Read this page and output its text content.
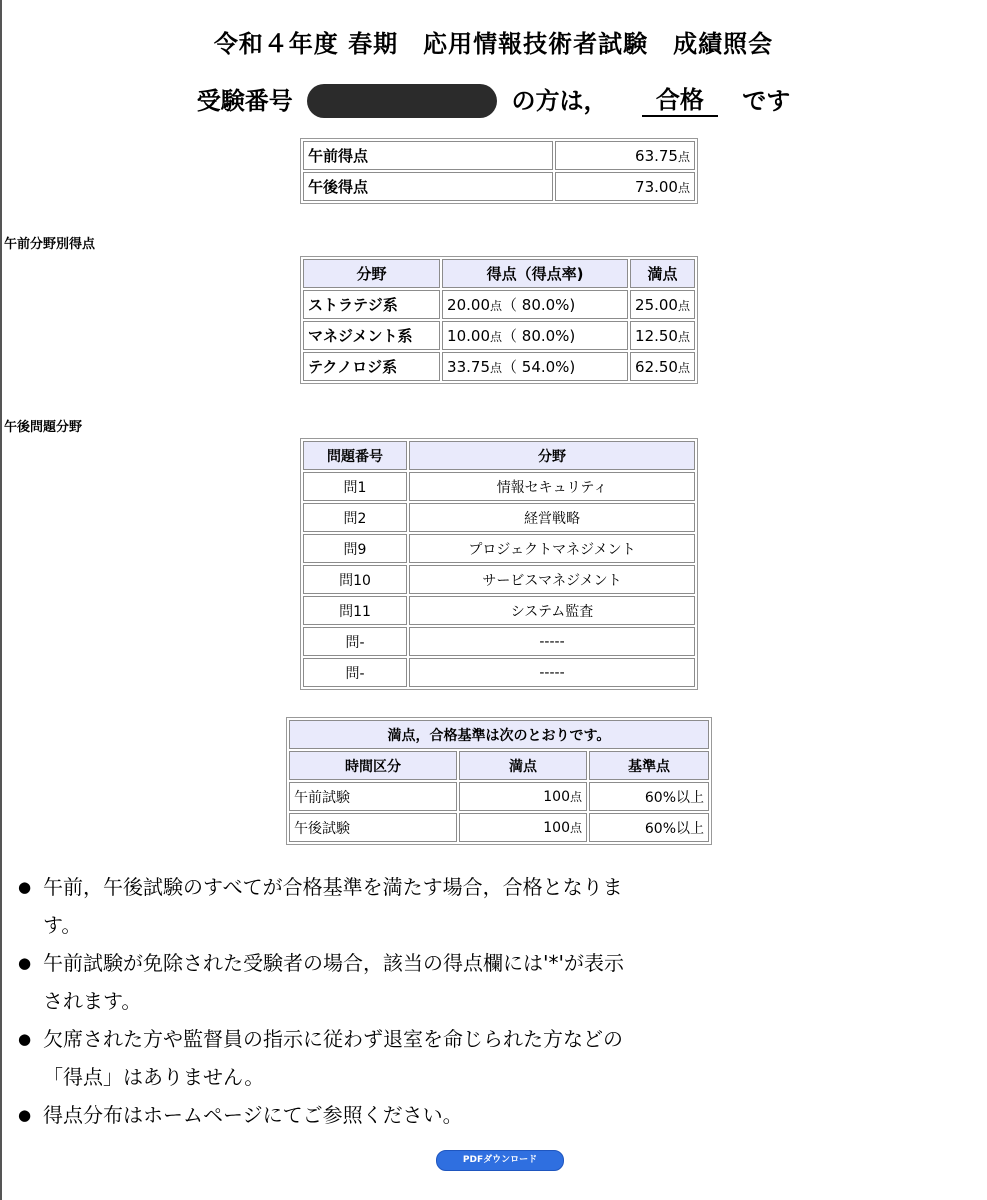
令和４年度 春期　応用情報技術者試験　成績照会
受験番号	の方は， 合格 です
午前得点	63.75点
午後得点	73.00点
午前分野別得点
分野	得点（得点率)	満点
ストラテジ系	20.00点（ 80.0%)	25.00点
マネジメント系	10.00点（ 80.0%)	12.50点
テクノロジ系	33.75点（ 54.0%)	62.50点
午後問題分野
問題番号	分野
問1	情報セキュリティ
問2	経営戦略
問9	プロジェクトマネジメント
問10	サービスマネジメント
問11	システム監査
問-	-----
問-	-----
満点，合格基準は次のとおりです。		
時間区分	満点	基準点
午前試験	100点	60%以上
午後試験	100点	60%以上
● 午前，午後試験のすべてが合格基準を満たす場合，合格となります。
● 午前試験が免除された受験者の場合，該当の得点欄には'*'が表示されます。
● 欠席された方や監督員の指示に従わず退室を命じられた方などの「得点」はありません。
● 得点分布はホームページにてご参照ください。
PDFダウンロード
